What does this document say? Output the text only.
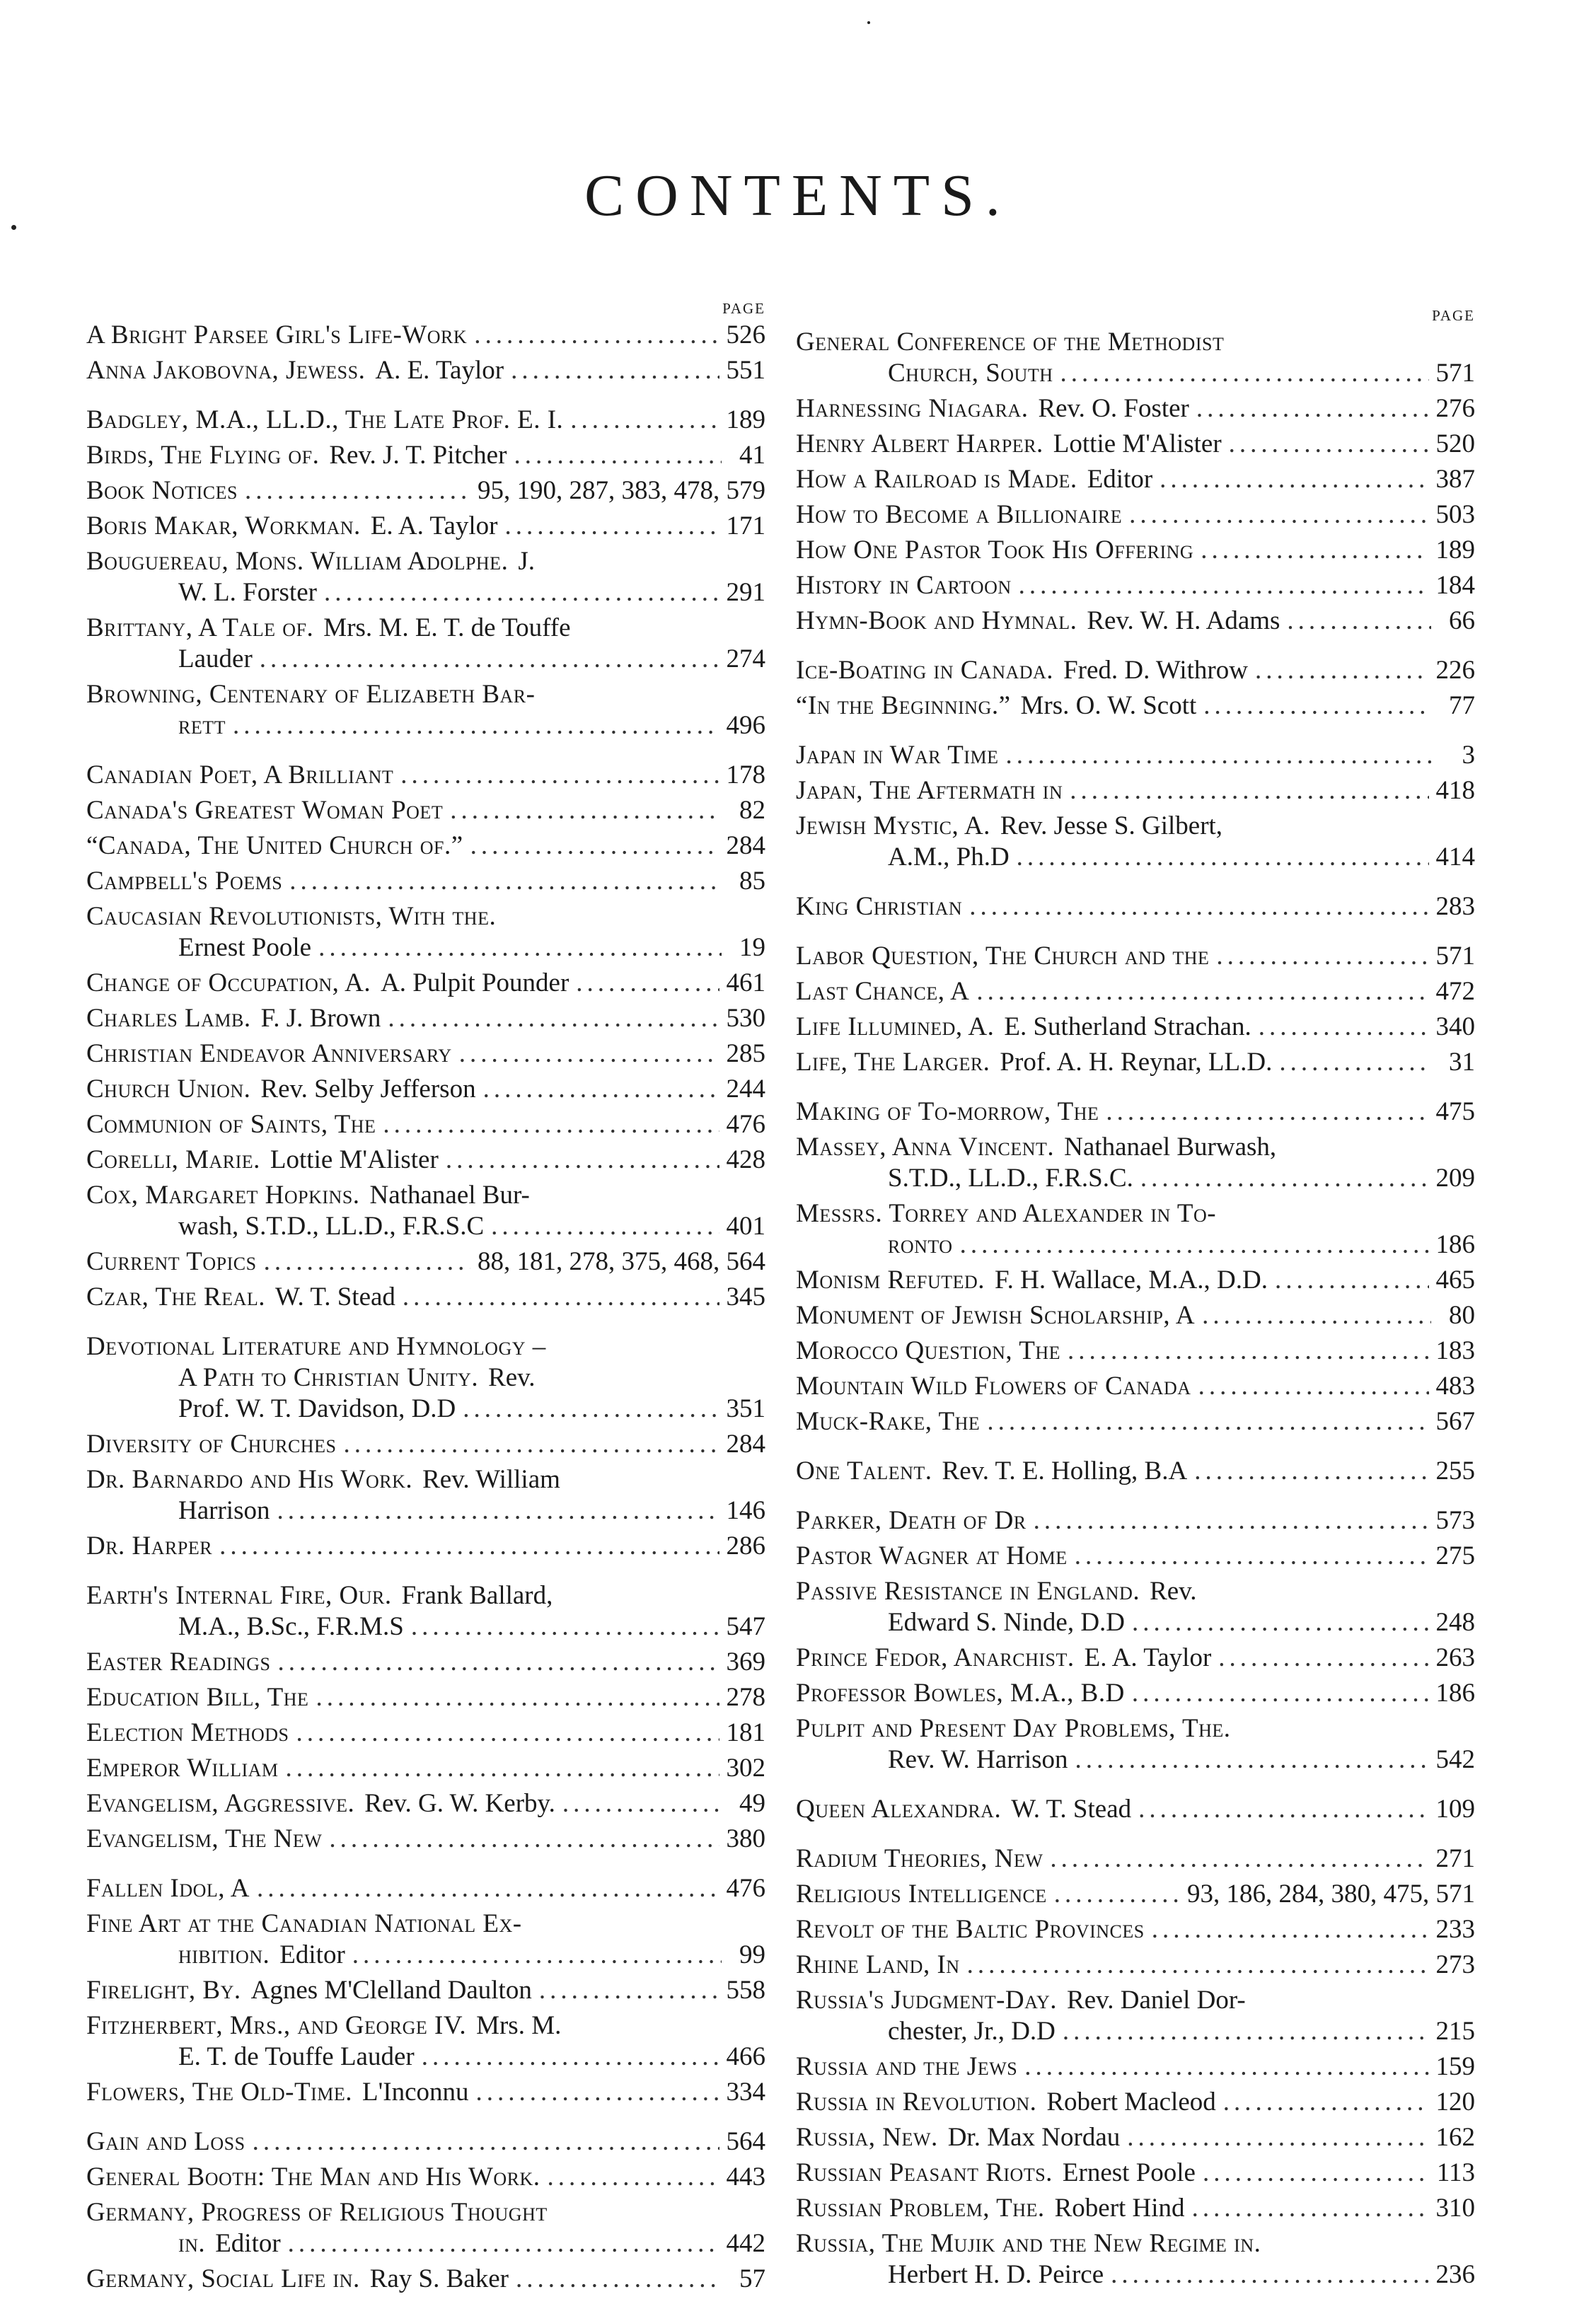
CONTENTS.
PAGE
A Bright Parsee Girl's Life-Work .....	526
Anna Jakobovna, Jewess. A. E. Taylor .....	551
Badgley, M.A., LL.D., The Late Prof. E. I. .....	189
Birds, The Flying of. Rev. J. T. Pitcher .....	41
Book Notices .....	95, 190, 287, 383, 478, 579
Boris Makar, Workman. E. A. Taylor .....	171
Bouguereau, Mons. William Adolphe. J.
W. L. Forster .....	291
Brittany, A Tale of. Mrs. M. E. T. de Touffe
Lauder .....	274
Browning, Centenary of Elizabeth Bar-
rett .....	496
Canadian Poet, A Brilliant .....	178
Canada's Greatest Woman Poet .....	82
“Canada, The United Church of.” .....	284
Campbell's Poems .....	85
Caucasian Revolutionists, With the.
Ernest Poole .....	19
Change of Occupation, A. A. Pulpit Pounder .....	461
Charles Lamb. F. J. Brown .....	530
Christian Endeavor Anniversary .....	285
Church Union. Rev. Selby Jefferson .....	244
Communion of Saints, The .....	476
Corelli, Marie. Lottie M'Alister .....	428
Cox, Margaret Hopkins. Nathanael Bur-
wash, S.T.D., LL.D., F.R.S.C .....	401
Current Topics .....	88, 181, 278, 375, 468, 564
Czar, The Real. W. T. Stead .....	345
Devotional Literature and Hymnology –
A Path to Christian Unity. Rev.
Prof. W. T. Davidson, D.D .....	351
Diversity of Churches .....	284
Dr. Barnardo and His Work. Rev. William
Harrison .....	146
Dr. Harper .....	286
Earth's Internal Fire, Our. Frank Ballard,
M.A., B.Sc., F.R.M.S .....	547
Easter Readings .....	369
Education Bill, The .....	278
Election Methods .....	181
Emperor William .....	302
Evangelism, Aggressive. Rev. G. W. Kerby. .....	49
Evangelism, The New .....	380
Fallen Idol, A .....	476
Fine Art at the Canadian National Ex-
hibition. Editor .....	99
Firelight, By. Agnes M'Clelland Daulton .....	558
Fitzherbert, Mrs., and George IV. Mrs. M.
E. T. de Touffe Lauder .....	466
Flowers, The Old-Time. L'Inconnu .....	334
Gain and Loss .....	564
General Booth: The Man and His Work. .....	443
Germany, Progress of Religious Thought
in. Editor .....	442
Germany, Social Life in. Ray S. Baker .....	57
PAGE
General Conference of the Methodist
Church, South .....	571
Harnessing Niagara. Rev. O. Foster .....	276
Henry Albert Harper. Lottie M'Alister .....	520
How a Railroad is Made. Editor .....	387
How to Become a Billionaire .....	503
How One Pastor Took His Offering .....	189
History in Cartoon .....	184
Hymn-Book and Hymnal. Rev. W. H. Adams .....	66
Ice-Boating in Canada. Fred. D. Withrow .....	226
“In the Beginning.” Mrs. O. W. Scott .....	77
Japan in War Time .....	3
Japan, The Aftermath in .....	418
Jewish Mystic, A. Rev. Jesse S. Gilbert,
A.M., Ph.D .....	414
King Christian .....	283
Labor Question, The Church and the .....	571
Last Chance, A .....	472
Life Illumined, A. E. Sutherland Strachan. .....	340
Life, The Larger. Prof. A. H. Reynar, LL.D. .....	31
Making of To-morrow, The .....	475
Massey, Anna Vincent. Nathanael Burwash,
S.T.D., LL.D., F.R.S.C. .....	209
Messrs. Torrey and Alexander in To-
ronto .....	186
Monism Refuted. F. H. Wallace, M.A., D.D. .....	465
Monument of Jewish Scholarship, A .....	80
Morocco Question, The .....	183
Mountain Wild Flowers of Canada .....	483
Muck-Rake, The .....	567
One Talent. Rev. T. E. Holling, B.A .....	255
Parker, Death of Dr .....	573
Pastor Wagner at Home .....	275
Passive Resistance in England. Rev.
Edward S. Ninde, D.D .....	248
Prince Fedor, Anarchist. E. A. Taylor .....	263
Professor Bowles, M.A., B.D .....	186
Pulpit and Present Day Problems, The.
Rev. W. Harrison .....	542
Queen Alexandra. W. T. Stead .....	109
Radium Theories, New .....	271
Religious Intelligence .....	93, 186, 284, 380, 475, 571
Revolt of the Baltic Provinces .....	233
Rhine Land, In .....	273
Russia's Judgment-Day. Rev. Daniel Dor-
chester, Jr., D.D .....	215
Russia and the Jews .....	159
Russia in Revolution. Robert Macleod .....	120
Russia, New. Dr. Max Nordau .....	162
Russian Peasant Riots. Ernest Poole .....	113
Russian Problem, The. Robert Hind .....	310
Russia, The Mujik and the New Regime in.
Herbert H. D. Peirce .....	236
